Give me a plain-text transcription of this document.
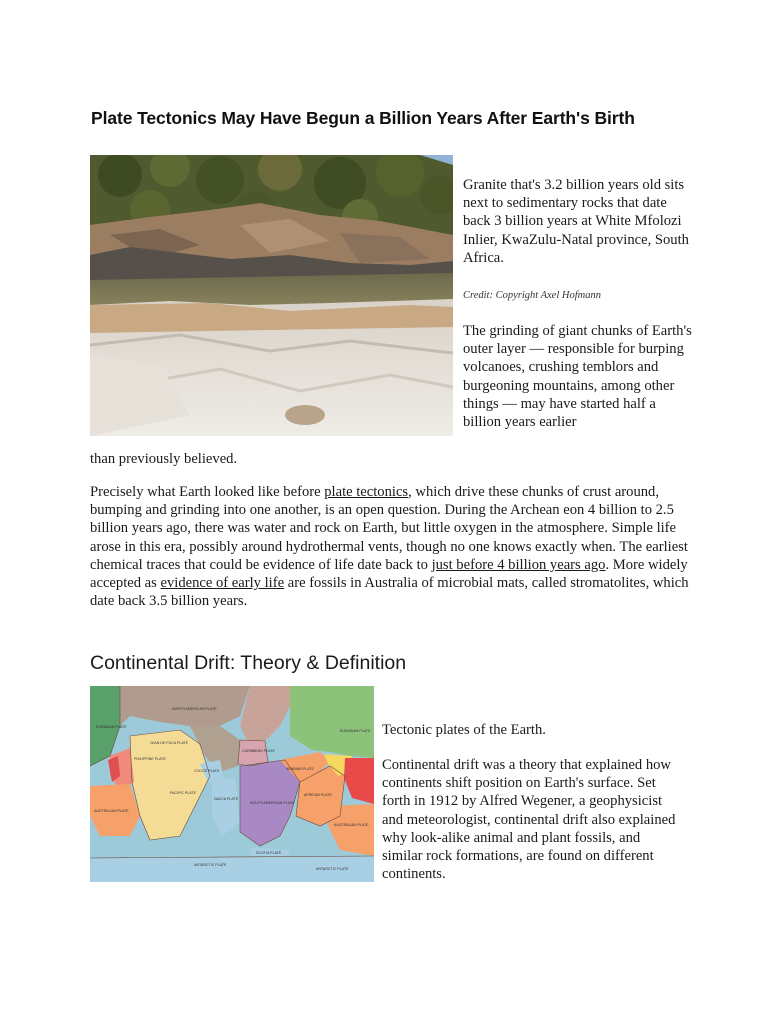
Plate Tectonics May Have Begun a Billion Years After Earth's Birth

Granite that's 3.2 billion years old sits next to sedimentary rocks that date back 3 billion years at White Mfolozi Inlier, KwaZulu-Natal province, South Africa.

Credit: Copyright Axel Hofmann

The grinding of giant chunks of Earth's outer layer — responsible for burping volcanoes, crushing temblors and burgeoning mountains, among other things — may have started half a billion years earlier

than previously believed.

Precisely what Earth looked like before plate tectonics, which drive these chunks of crust around, bumping and grinding into one another, is an open question. During the Archean eon 4 billion to 2.5 billion years ago, there was water and rock on Earth, but little oxygen in the atmosphere. Simple life arose in this era, possibly around hydrothermal vents, though no one knows exactly when. The earliest chemical traces that could be evidence of life date back to just before 4 billion years ago. More widely accepted as evidence of early life are fossils in Australia of microbial mats, called stromatolites, which date back 3.5 billion years.

Continental Drift: Theory & Definition
EURASIAN PLATE
NORTH AMERICAN PLATE
EURASIAN PLATE
JUAN DE FUCA PLATE
PHILIPPINE PLATE
COCOS PLATE
CARIBBEAN PLATE
ARABIAN PLATE
PACIFIC PLATE
NAZCA PLATE
SOUTH AMERICAN PLATE
AFRICAN PLATE
AUSTRALIAN PLATE
AUSTRALIAN PLATE
SCOTIA PLATE
ANTARCTIC PLATE
ANTARCTIC PLATE

Tectonic plates of the Earth.

Continental drift was a theory that explained how continents shift position on Earth's surface. Set forth in 1912 by Alfred Wegener, a geophysicist and meteorologist, continental drift also explained why look-alike animal and plant fossils, and similar rock formations, are found on different continents.
